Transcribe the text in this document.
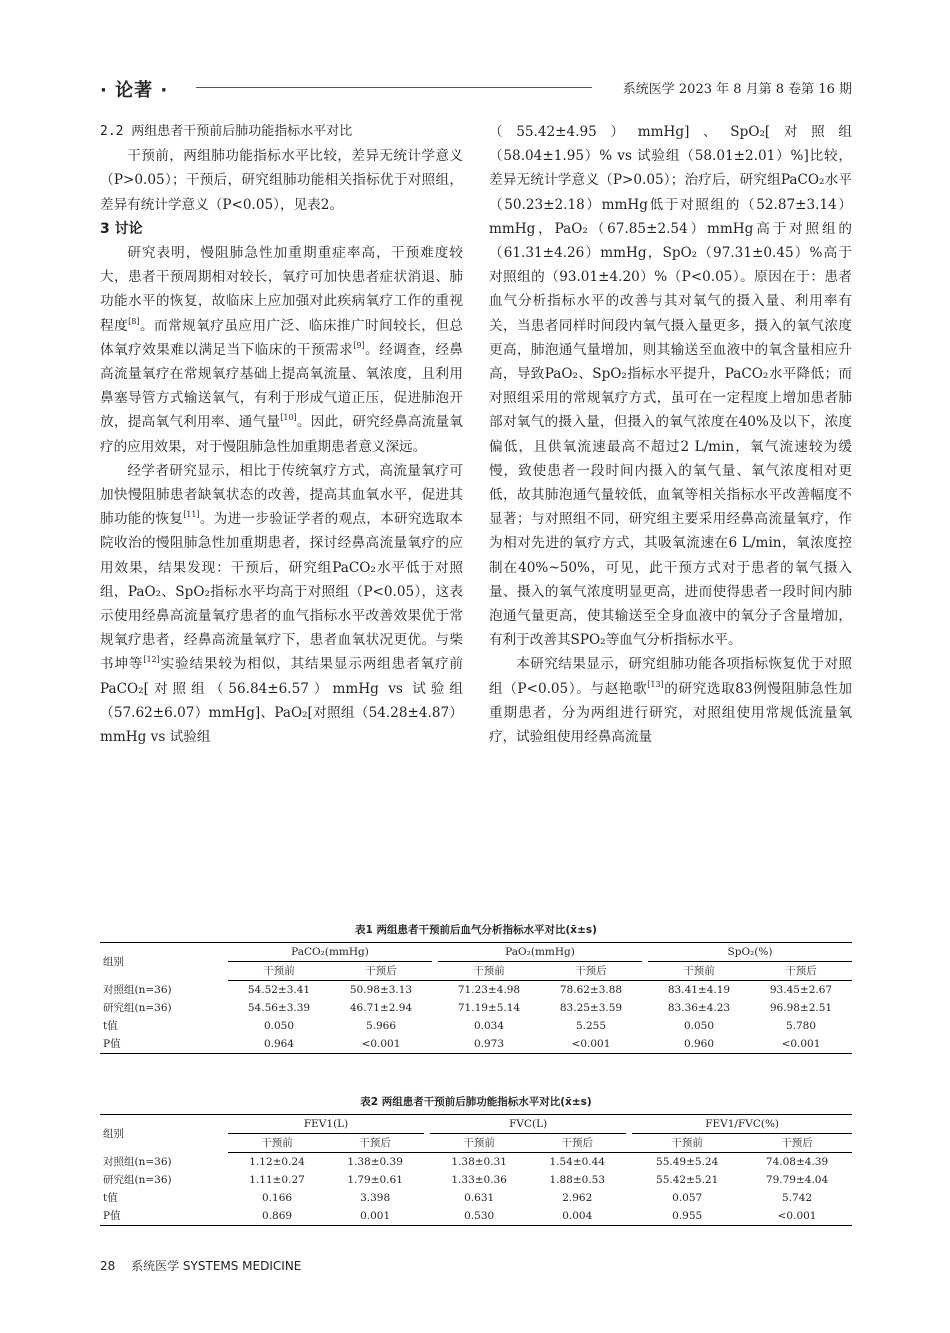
· 论著 ·	系统医学 2023 年 8 月第 8 卷第 16 期

2.2 两组患者干预前后肺功能指标水平对比

干预前，两组肺功能指标水平比较，差异无统计学意义（P>0.05）；干预后，研究组肺功能相关指标优于对照组，差异有统计学意义（P<0.05），见表2。

3 讨论

研究表明，慢阻肺急性加重期重症率高，干预难度较大，患者干预周期相对较长，氧疗可加快患者症状消退、肺功能水平的恢复，故临床上应加强对此疾病氧疗工作的重视程度[8]。而常规氧疗虽应用广泛、临床推广时间较长，但总体氧疗效果难以满足当下临床的干预需求[9]。经调查，经鼻高流量氧疗在常规氧疗基础上提高氧流量、氧浓度，且利用鼻塞导管方式输送氧气，有利于形成气道正压，促进肺泡开放，提高氧气利用率、通气量[10]。因此，研究经鼻高流量氧疗的应用效果，对于慢阻肺急性加重期患者意义深远。

经学者研究显示，相比于传统氧疗方式，高流量氧疗可加快慢阻肺患者缺氧状态的改善，提高其血氧水平，促进其肺功能的恢复[11]。为进一步验证学者的观点，本研究选取本院收治的慢阻肺急性加重期患者，探讨经鼻高流量氧疗的应用效果，结果发现：干预后，研究组PaCO₂水平低于对照组，PaO₂、SpO₂指标水平均高于对照组（P<0.05），这表示使用经鼻高流量氧疗患者的血气指标水平改善效果优于常规氧疗患者，经鼻高流量氧疗下，患者血氧状况更优。与柴书坤等[12]实验结果较为相似，其结果显示两组患者氧疗前PaCO₂[对照组（56.84±6.57）mmHg vs 试验组（57.62±6.07）mmHg]、PaO₂[对照组（54.28±4.87）mmHg vs 试验组

（55.42±4.95）mmHg]、SpO₂[对照组（58.04±1.95）% vs 试验组（58.01±2.01）%]比较，差异无统计学意义（P>0.05）；治疗后，研究组PaCO₂水平（50.23±2.18）mmHg低于对照组的（52.87±3.14）mmHg，PaO₂（67.85±2.54）mmHg高于对照组的（61.31±4.26）mmHg，SpO₂（97.31±0.45）%高于对照组的（93.01±4.20）%（P<0.05）。原因在于：患者血气分析指标水平的改善与其对氧气的摄入量、利用率有关，当患者同样时间段内氧气摄入量更多，摄入的氧气浓度更高，肺泡通气量增加，则其输送至血液中的氧含量相应升高，导致PaO₂、SpO₂指标水平提升，PaCO₂水平降低；而对照组采用的常规氧疗方式，虽可在一定程度上增加患者肺部对氧气的摄入量，但摄入的氧气浓度在40%及以下，浓度偏低，且供氧流速最高不超过2 L/min，氧气流速较为缓慢，致使患者一段时间内摄入的氧气量、氧气浓度相对更低，故其肺泡通气量较低，血氧等相关指标水平改善幅度不显著；与对照组不同，研究组主要采用经鼻高流量氧疗，作为相对先进的氧疗方式，其吸氧流速在6 L/min，氧浓度控制在40%~50%，可见，此干预方式对于患者的氧气摄入量、摄入的氧气浓度明显更高，进而使得患者一段时间内肺泡通气量更高，使其输送至全身血液中的氧分子含量增加，有利于改善其SPO₂等血气分析指标水平。

本研究结果显示，研究组肺功能各项指标恢复优于对照组（P<0.05）。与赵艳歌[13]的研究选取83例慢阻肺急性加重期患者，分为两组进行研究，对照组使用常规低流量氧疗，试验组使用经鼻高流量

表1 两组患者干预前后血气分析指标水平对比(x̄±s)
组别	PaCO₂(mmHg)			PaO₂(mmHg)			SpO₂(%)	
	干预前	干预后		干预前	干预后		干预前	干预后
对照组(n=36)	54.52±3.41	50.98±3.13		71.23±4.98	78.62±3.88		83.41±4.19	93.45±2.67
研究组(n=36)	54.56±3.39	46.71±2.94		71.19±5.14	83.25±3.59		83.36±4.23	96.98±2.51
t值	0.050	5.966		0.034	5.255		0.050	5.780
P值	0.964	<0.001		0.973	<0.001		0.960	<0.001
表2 两组患者干预前后肺功能指标水平对比(x̄±s)
组别	FEV1(L)			FVC(L)			FEV1/FVC(%)	
	干预前	干预后		干预前	干预后		干预前	干预后
对照组(n=36)	1.12±0.24	1.38±0.39		1.38±0.31	1.54±0.44		55.49±5.24	74.08±4.39
研究组(n=36)	1.11±0.27	1.79±0.61		1.33±0.36	1.88±0.53		55.42±5.21	79.79±4.04
t值	0.166	3.398		0.631	2.962		0.057	5.742
P值	0.869	0.001		0.530	0.004		0.955	<0.001
28 系统医学 SYSTEMS MEDICINE
